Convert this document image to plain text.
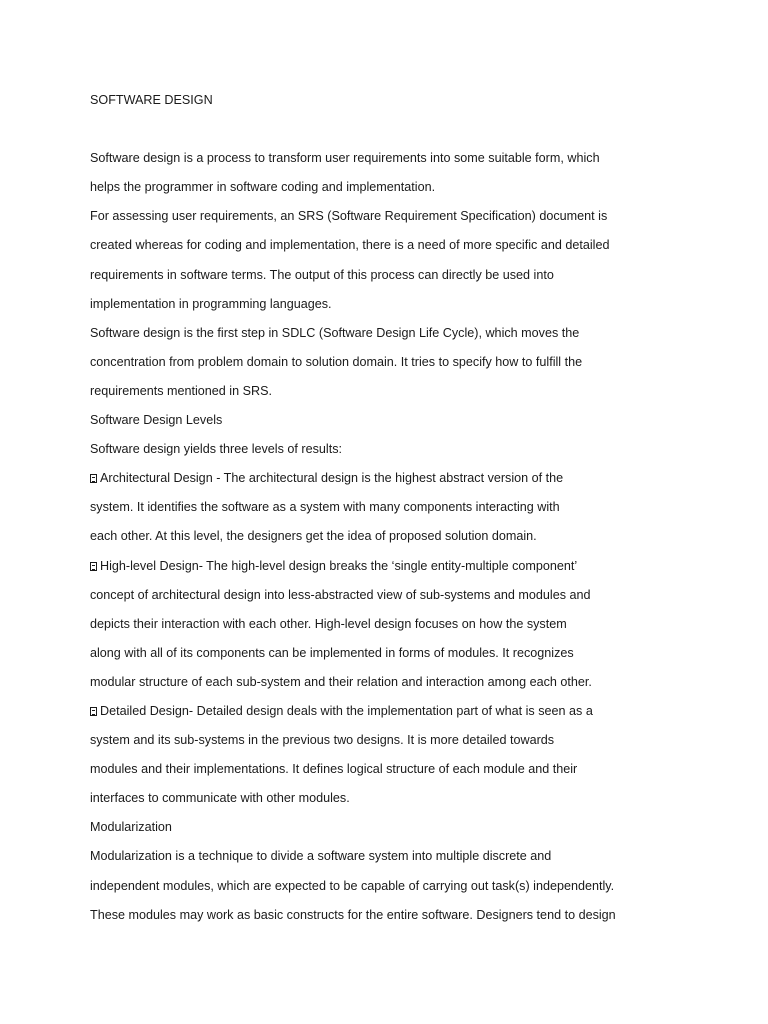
SOFTWARE DESIGN
Software design is a process to transform user requirements into some suitable form, which
helps the programmer in software coding and implementation.
For assessing user requirements, an SRS (Software Requirement Specification) document is
created whereas for coding and implementation, there is a need of more specific and detailed
requirements in software terms. The output of this process can directly be used into
implementation in programming languages.
Software design is the first step in SDLC (Software Design Life Cycle), which moves the
concentration from problem domain to solution domain. It tries to specify how to fulfill the
requirements mentioned in SRS.
Software Design Levels
Software design yields three levels of results:
Architectural Design - The architectural design is the highest abstract version of the
system. It identifies the software as a system with many components interacting with
each other. At this level, the designers get the idea of proposed solution domain.
High-level Design- The high-level design breaks the ‘single entity-multiple component’
concept of architectural design into less-abstracted view of sub-systems and modules and
depicts their interaction with each other. High-level design focuses on how the system
along with all of its components can be implemented in forms of modules. It recognizes
modular structure of each sub-system and their relation and interaction among each other.
Detailed Design- Detailed design deals with the implementation part of what is seen as a
system and its sub-systems in the previous two designs. It is more detailed towards
modules and their implementations. It defines logical structure of each module and their
interfaces to communicate with other modules.
Modularization
Modularization is a technique to divide a software system into multiple discrete and
independent modules, which are expected to be capable of carrying out task(s) independently.
These modules may work as basic constructs for the entire software. Designers tend to design
